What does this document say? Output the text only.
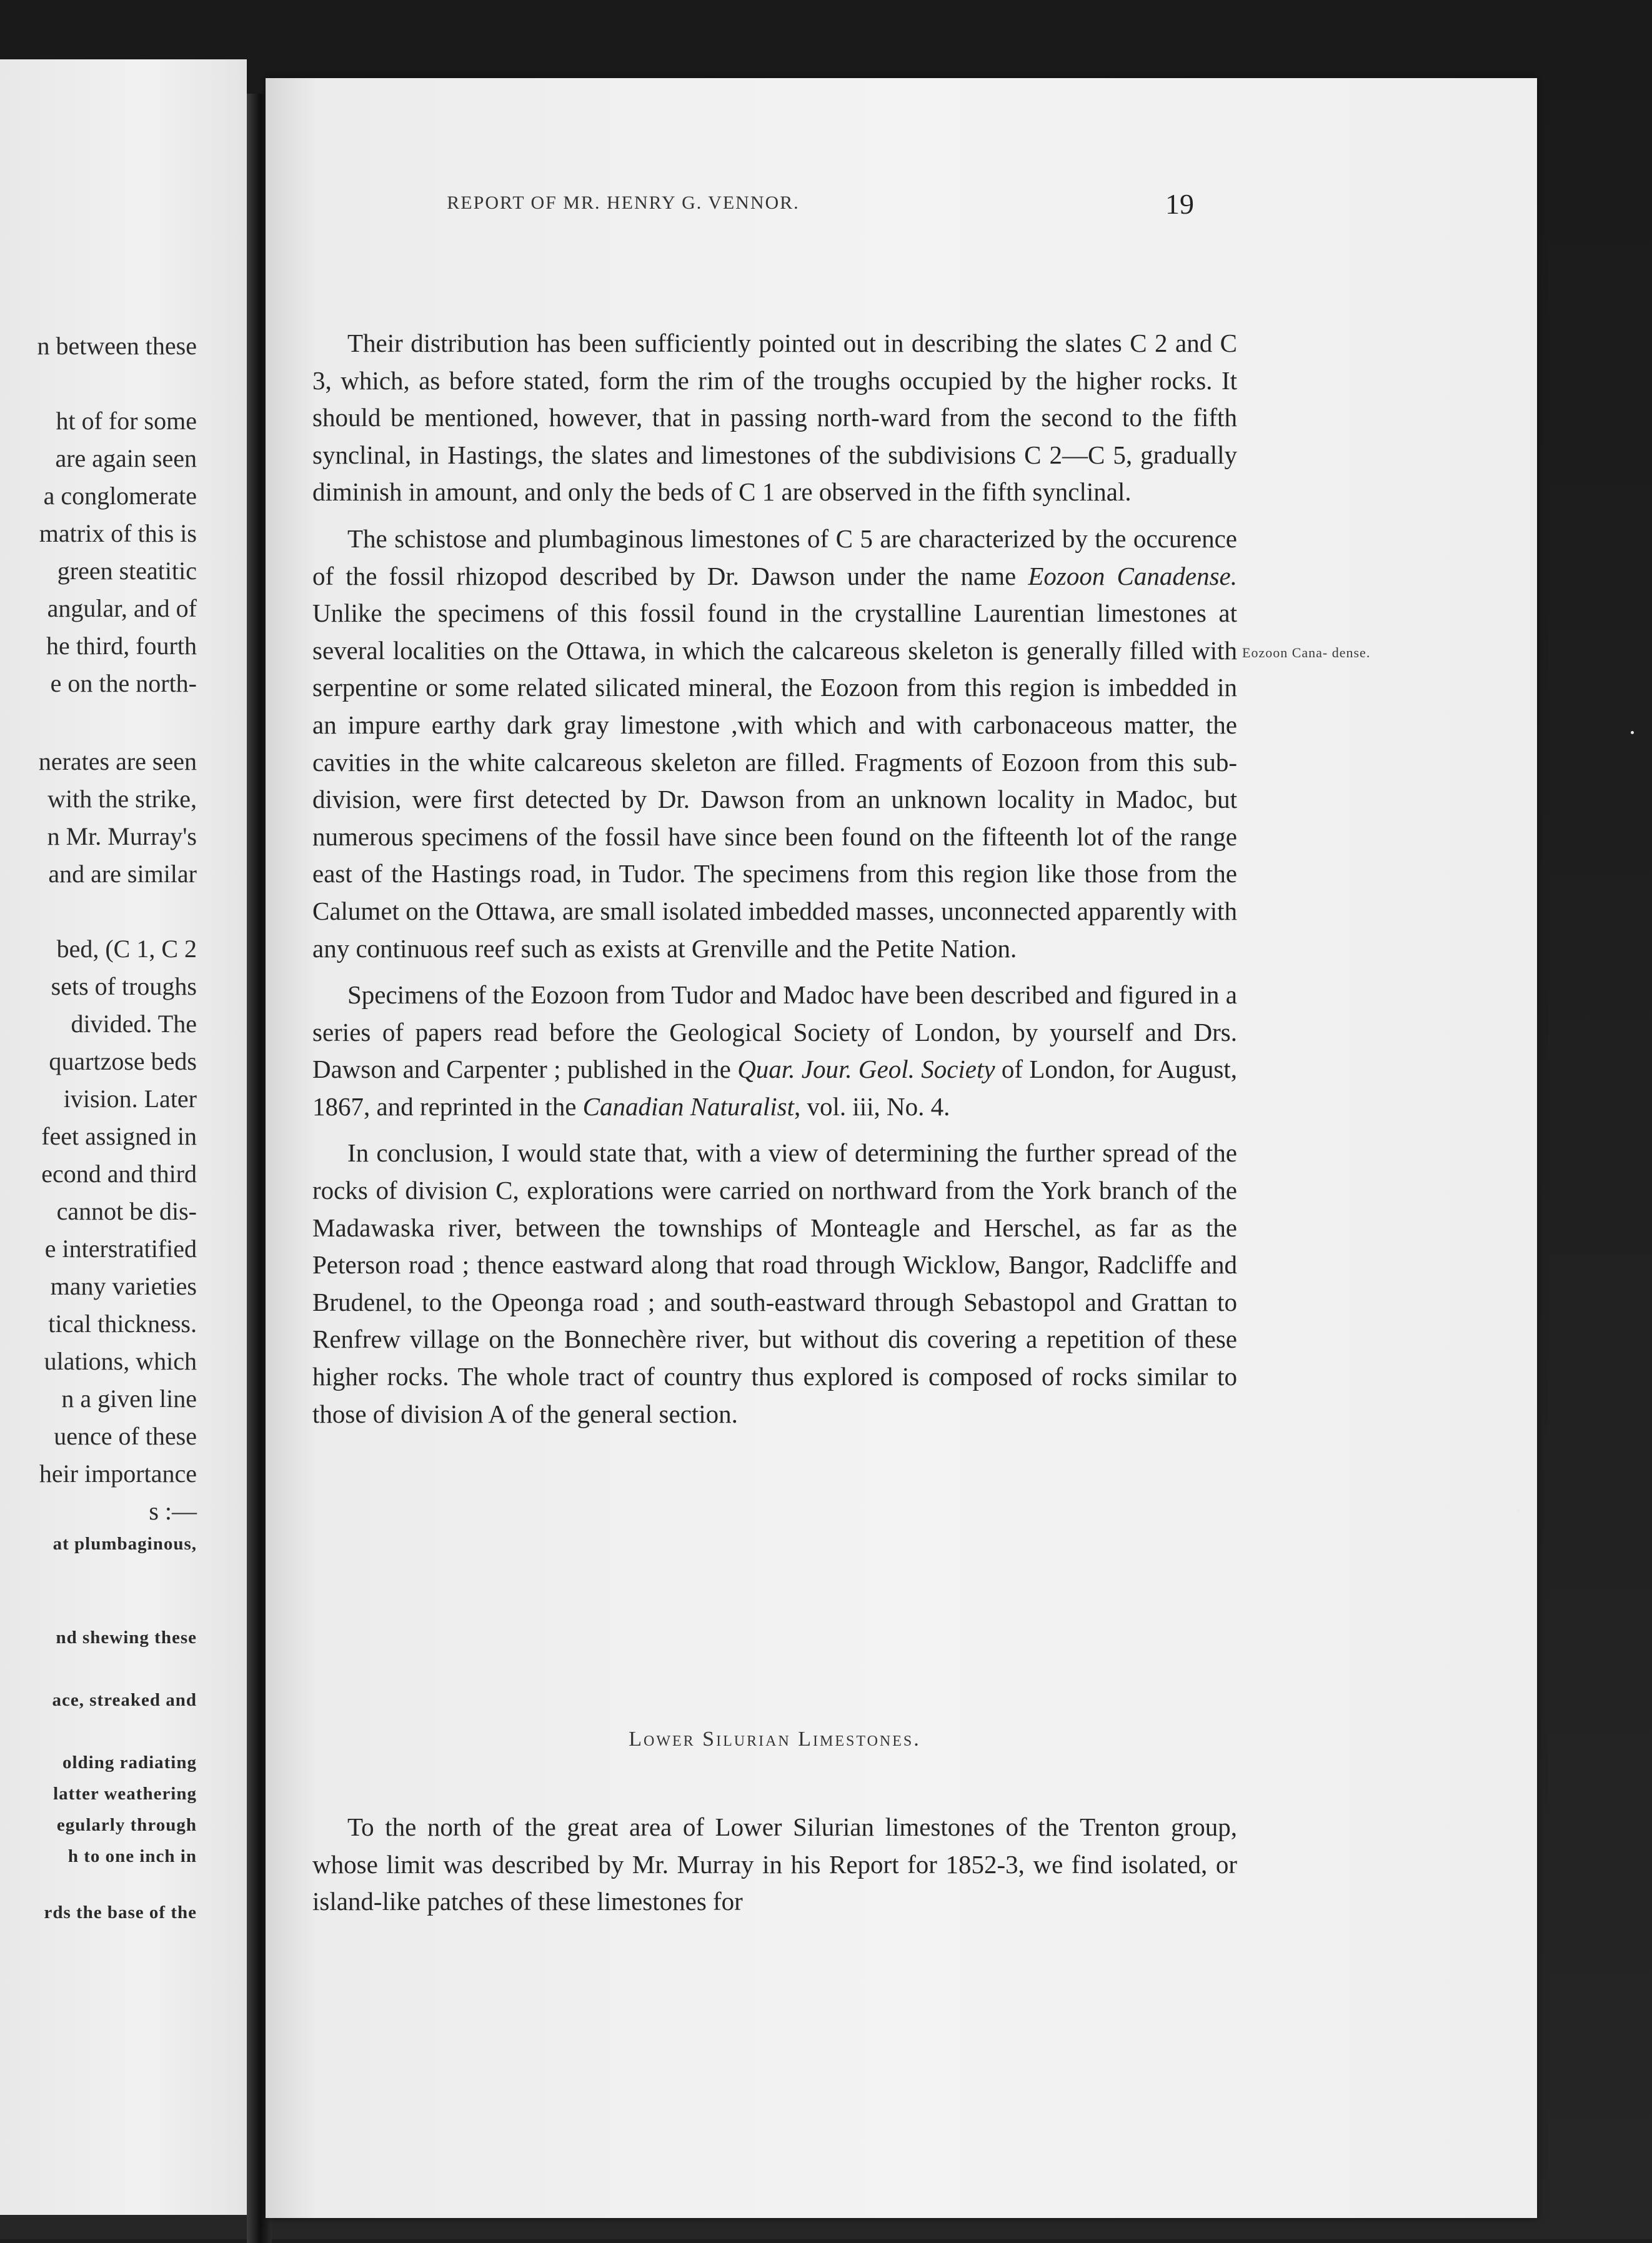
n between these
ht of for some
are again seen
a conglomerate
matrix of this is
green steatitic
angular, and of
he third, fourth
e on the north-
nerates are seen
with the strike,
n Mr. Murray's
and are similar
bed, (C 1, C 2
sets of troughs
divided. The
quartzose beds
ivision. Later
feet assigned in
econd and third
cannot be dis-
e interstratified
many varieties
tical thickness.
ulations, which
n a given line
uence of these
heir importance
s :—
at plumbaginous,
nd shewing these
ace, streaked and
olding radiating
latter weathering
egularly through
h to one inch in
rds the base of the
REPORT OF MR. HENRY G. VENNOR.	19

Their distribution has been sufficiently pointed out in describing the slates C 2 and C 3, which, as before stated, form the rim of the troughs occupied by the higher rocks. It should be mentioned, however, that in passing north-ward from the second to the fifth synclinal, in Hastings, the slates and limestones of the subdivisions C 2—C 5, gradually diminish in amount, and only the beds of C 1 are observed in the fifth synclinal.

The schistose and plumbaginous limestones of C 5 are characterized by the occurence of the fossil rhizopod described by Dr. Dawson under the name Eozoon Canadense. Unlike the specimens of this fossil found in the crystalline Laurentian limestones at several localities on the Ottawa, in which the calcareous skeleton is generally filled with serpentine or some related silicated mineral, the Eozoon from this region is imbedded in an impure earthy dark gray limestone ,with which and with carbonaceous matter, the cavities in the white calcareous skeleton are filled. Fragments of Eozoon from this sub-division, were first detected by Dr. Dawson from an unknown locality in Madoc, but numerous specimens of the fossil have since been found on the fifteenth lot of the range east of the Hastings road, in Tudor. The specimens from this region like those from the Calumet on the Ottawa, are small isolated imbedded masses, unconnected apparently with any continuous reef such as exists at Grenville and the Petite Nation.

Specimens of the Eozoon from Tudor and Madoc have been described and figured in a series of papers read before the Geological Society of London, by yourself and Drs. Dawson and Carpenter ; published in the Quar. Jour. Geol. Society of London, for August, 1867, and reprinted in the Canadian Naturalist, vol. iii, No. 4.

In conclusion, I would state that, with a view of determining the further spread of the rocks of division C, explorations were carried on northward from the York branch of the Madawaska river, between the townships of Monteagle and Herschel, as far as the Peterson road ; thence eastward along that road through Wicklow, Bangor, Radcliffe and Brudenel, to the Opeonga road ; and south-eastward through Sebastopol and Grattan to Renfrew village on the Bonnechère river, but without dis covering a repetition of these higher rocks. The whole tract of country thus explored is composed of rocks similar to those of division A of the general section.

Eozoon Cana- dense.
Lower Silurian Limestones.

To the north of the great area of Lower Silurian limestones of the Trenton group, whose limit was described by Mr. Murray in his Report for 1852-3, we find isolated, or island-like patches of these limestones for
